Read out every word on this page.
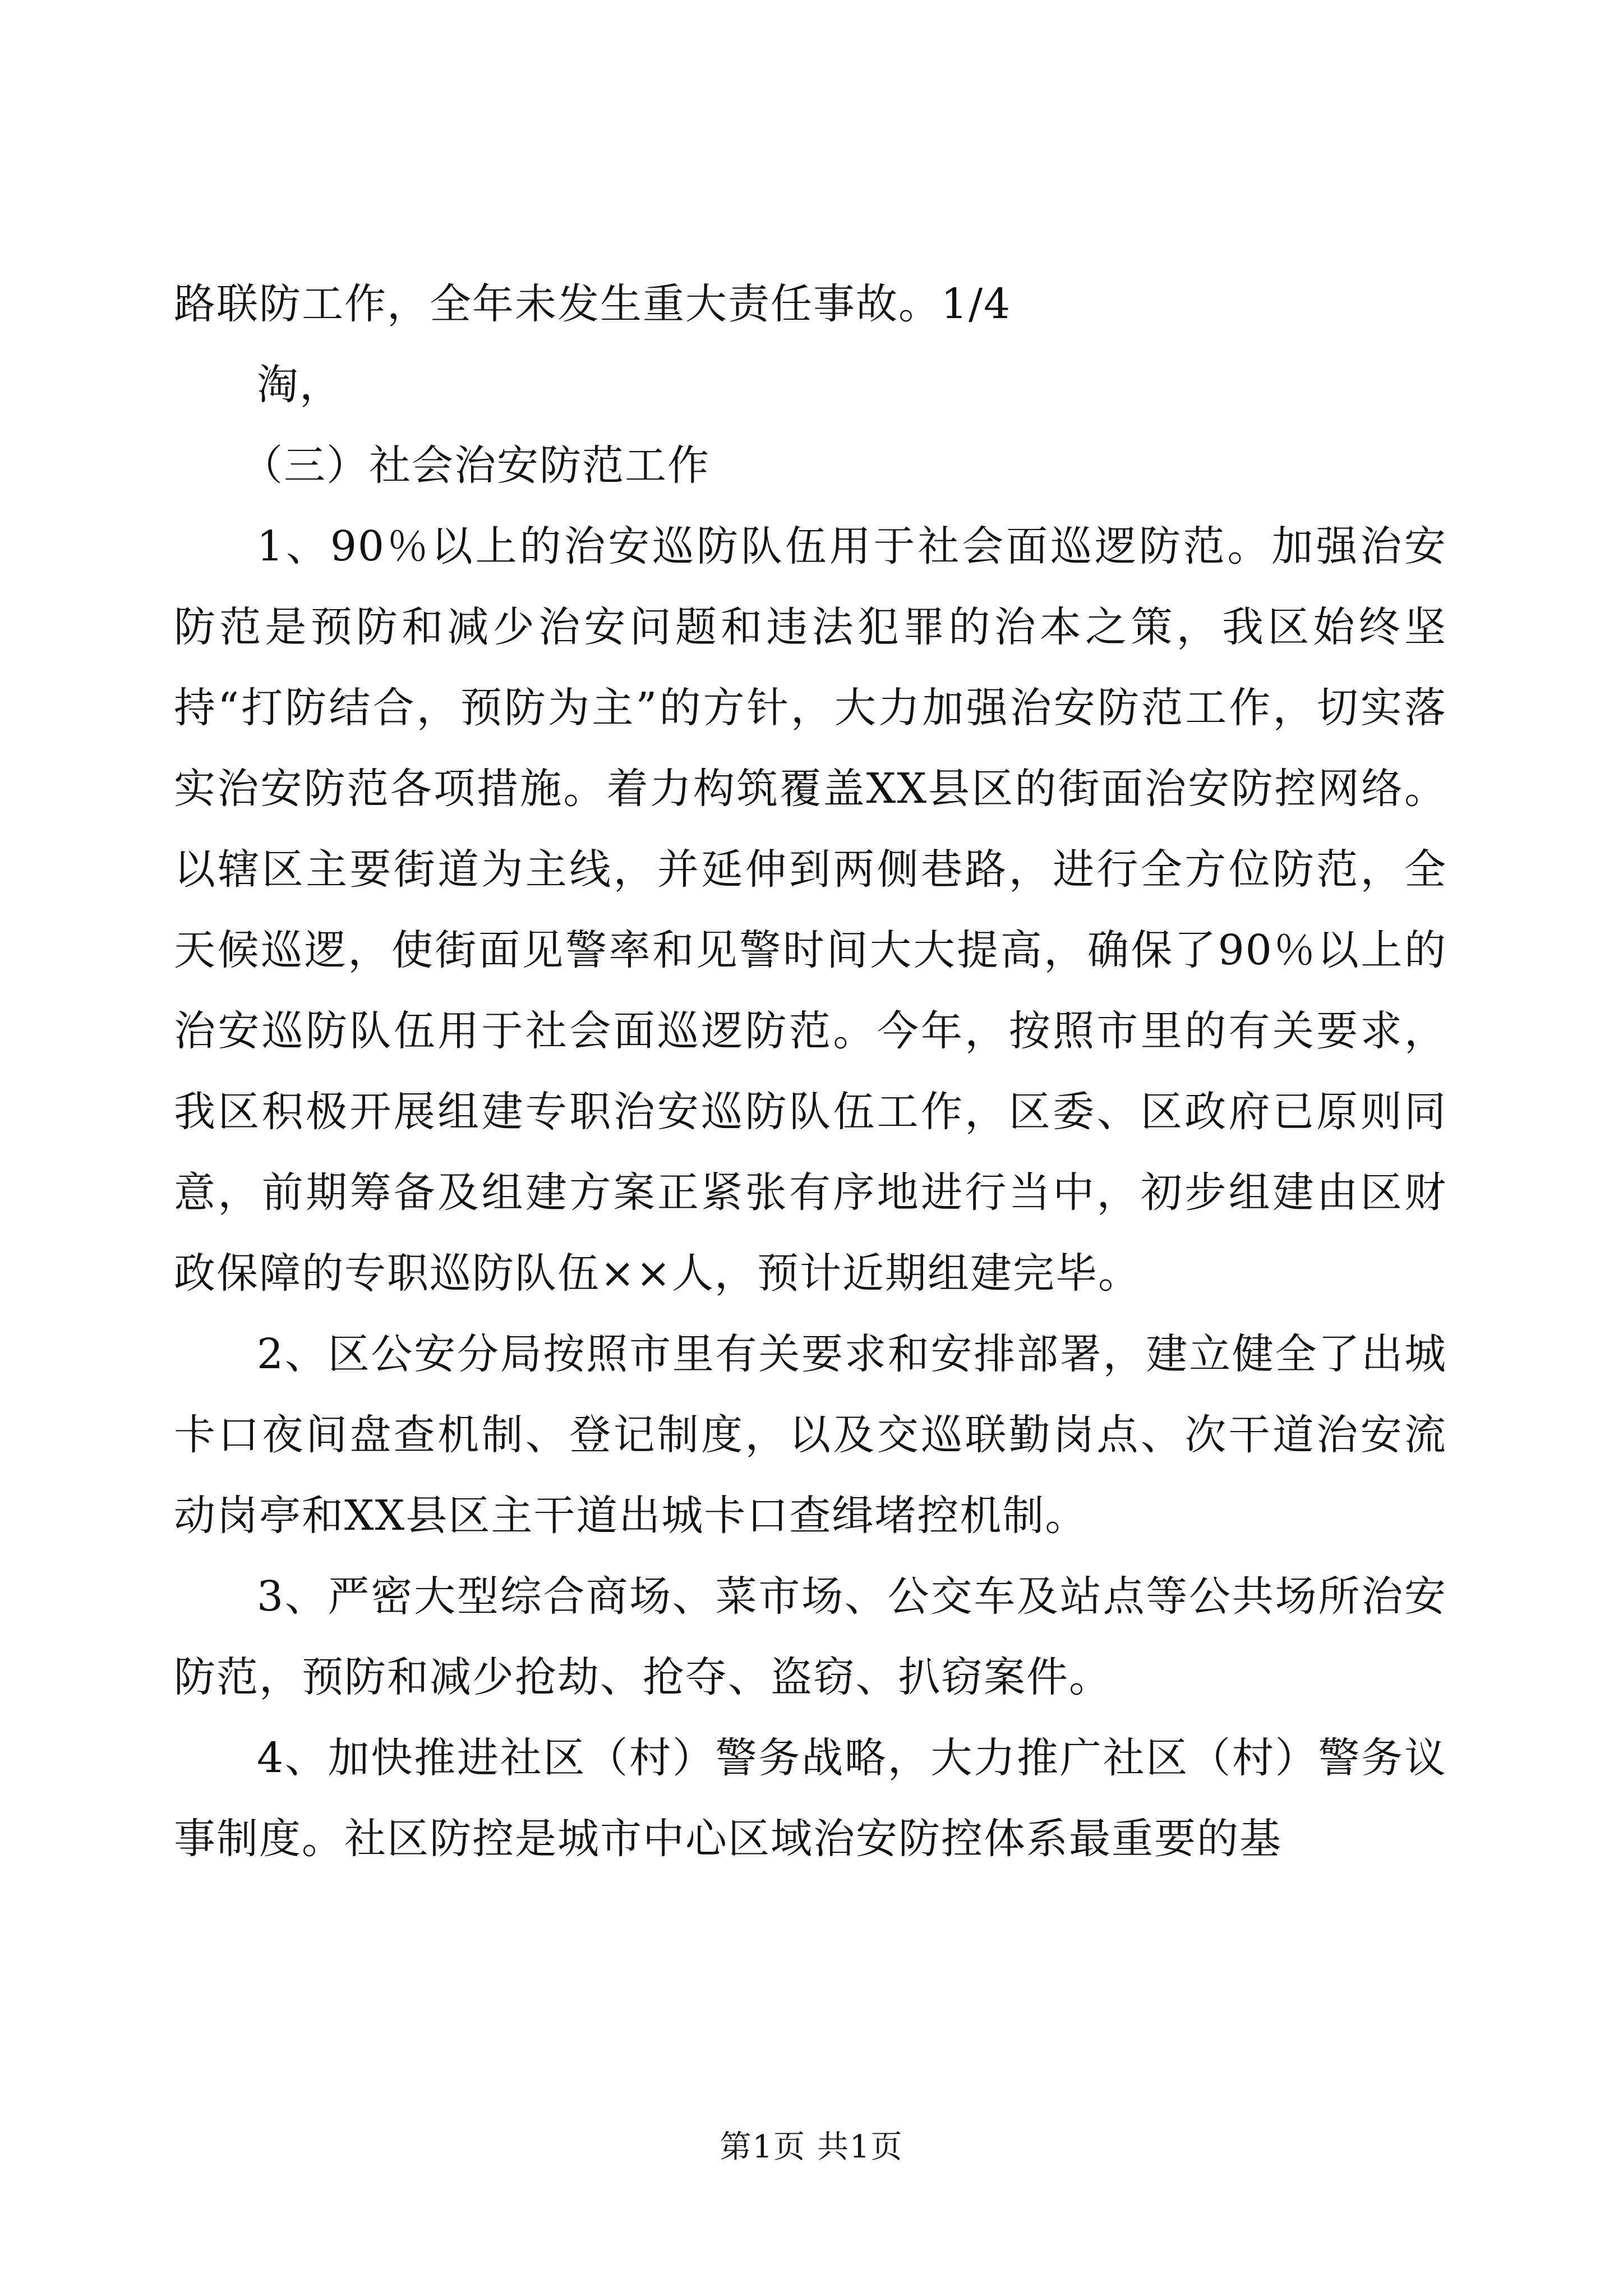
路联防工作，全年未发生重大责任事故。1/4

淘，

（三）社会治安防范工作

1、90％以上的治安巡防队伍用于社会面巡逻防范。加强治安防范是预防和减少治安问题和违法犯罪的治本之策，我区始终坚持“打防结合，预防为主”的方针，大力加强治安防范工作，切实落实治安防范各项措施。着力构筑覆盖XX县区的街面治安防控网络。以辖区主要街道为主线，并延伸到两侧巷路，进行全方位防范，全天候巡逻，使街面见警率和见警时间大大提高，确保了90％以上的治安巡防队伍用于社会面巡逻防范。今年，按照市里的有关要求，我区积极开展组建专职治安巡防队伍工作，区委、区政府已原则同意，前期筹备及组建方案正紧张有序地进行当中，初步组建由区财政保障的专职巡防队伍××人，预计近期组建完毕。

2、区公安分局按照市里有关要求和安排部署，建立健全了出城卡口夜间盘查机制、登记制度，以及交巡联勤岗点、次干道治安流动岗亭和XX县区主干道出城卡口查缉堵控机制。

3、严密大型综合商场、菜市场、公交车及站点等公共场所治安防范，预防和减少抢劫、抢夺、盗窃、扒窃案件。

4、加快推进社区（村）警务战略，大力推广社区（村）警务议事制度。社区防控是城市中心区域治安防控体系最重要的基

第1页 共1页
